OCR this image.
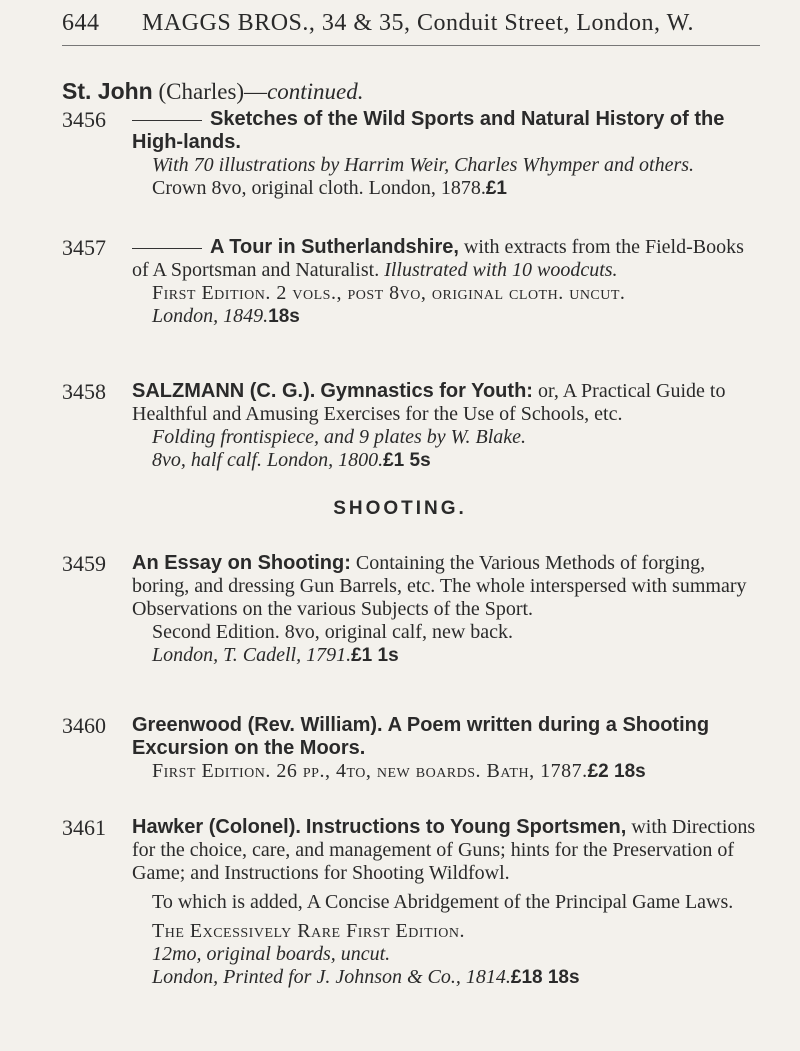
644 MAGGS BROS., 34 & 35, Conduit Street, London, W.
St. John (Charles)—continued.
3456	Sketches of the Wild Sports and Natural History of the High-lands.
With 70 illustrations by Harrim Weir, Charles Whymper and others.
Crown 8vo, original cloth. London, 1878.£1
3457	A Tour in Sutherlandshire, with extracts from the Field-Books of A Sportsman and Naturalist. Illustrated with 10 woodcuts.
First Edition. 2 vols., post 8vo, original cloth. uncut.
London, 1849.18s
3458	SALZMANN (C. G.). Gymnastics for Youth: or, A Practical Guide to Healthful and Amusing Exercises for the Use of Schools, etc.
Folding frontispiece, and 9 plates by W. Blake.
8vo, half calf. London, 1800.£1 5s
SHOOTING.
3459	An Essay on Shooting: Containing the Various Methods of forging, boring, and dressing Gun Barrels, etc. The whole interspersed with summary Observations on the various Subjects of the Sport.
Second Edition. 8vo, original calf, new back.
London, T. Cadell, 1791.£1 1s
3460	Greenwood (Rev. William). A Poem written during a Shooting Excursion on the Moors.
First Edition. 26 pp., 4to, new boards. Bath, 1787.£2 18s
3461	Hawker (Colonel). Instructions to Young Sportsmen, with Directions for the choice, care, and management of Guns; hints for the Preservation of Game; and Instructions for Shooting Wildfowl.
To which is added, A Concise Abridgement of the Principal Game Laws.
The Excessively Rare First Edition.
12mo, original boards, uncut.
London, Printed for J. Johnson & Co., 1814.£18 18s
